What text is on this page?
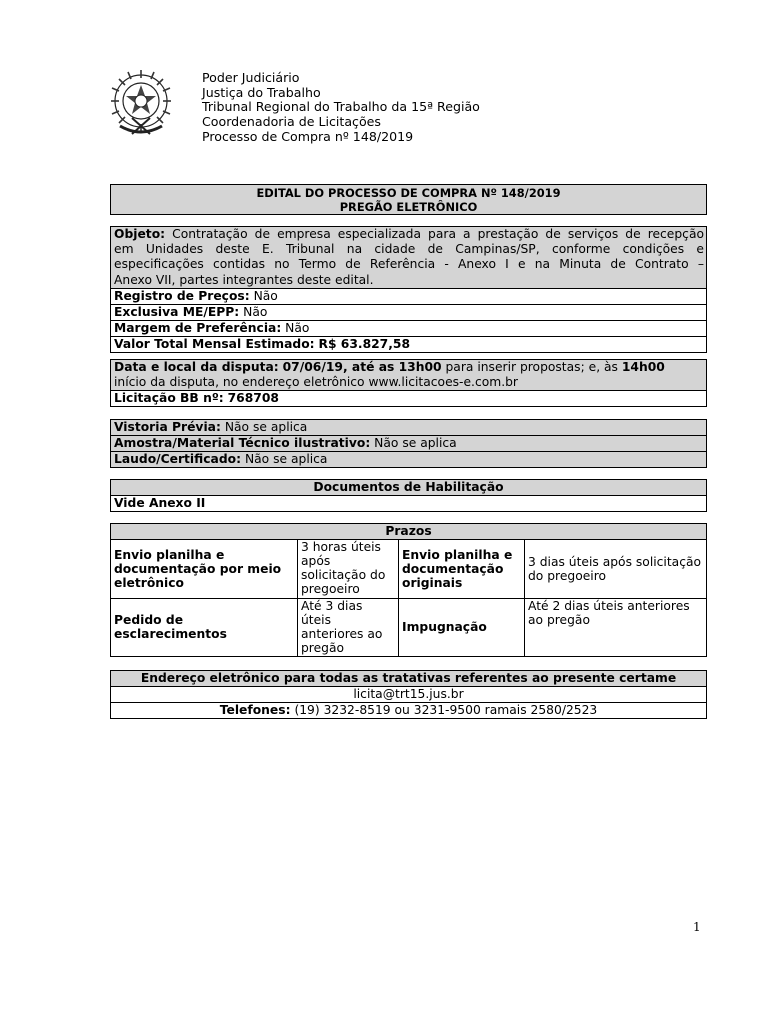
Poder Judiciário
Justiça do Trabalho
Tribunal Regional do Trabalho da 15ª Região
Coordenadoria de Licitações
Processo de Compra nº 148/2019
EDITAL DO PROCESSO DE COMPRA Nº 148/2019
PREGÃO ELETRÔNICO
Objeto: Contratação de empresa especializada para a prestação de serviços de recepção
em Unidades deste E. Tribunal na cidade de Campinas/SP, conforme condições e
especificações contidas no Termo de Referência - Anexo I e na Minuta de Contrato –
Anexo VII, partes integrantes deste edital.
Registro de Preços: Não
Exclusiva ME/EPP: Não
Margem de Preferência: Não
Valor Total Mensal Estimado: R$ 63.827,58
Data e local da disputa: 07/06/19, até as 13h00 para inserir propostas; e, às 14h00
início da disputa, no endereço eletrônico www.licitacoes-e.com.br
Licitação BB nº: 768708
Vistoria Prévia: Não se aplica
Amostra/Material Técnico ilustrativo: Não se aplica
Laudo/Certificado: Não se aplica
Documentos de Habilitação
Vide Anexo II
Prazos
Envio planilha e documentação por meio eletrônico	3 horas úteis após solicitação do pregoeiro	Envio planilha e documentação originais	3 dias úteis após solicitação do pregoeiro
Pedido de esclarecimentos	Até 3 dias úteis anteriores ao pregão	Impugnação	Até 2 dias úteis anteriores ao pregão
Endereço eletrônico para todas as tratativas referentes ao presente certame
licita@trt15.jus.br
Telefones: (19) 3232-8519 ou 3231-9500 ramais 2580/2523
1
